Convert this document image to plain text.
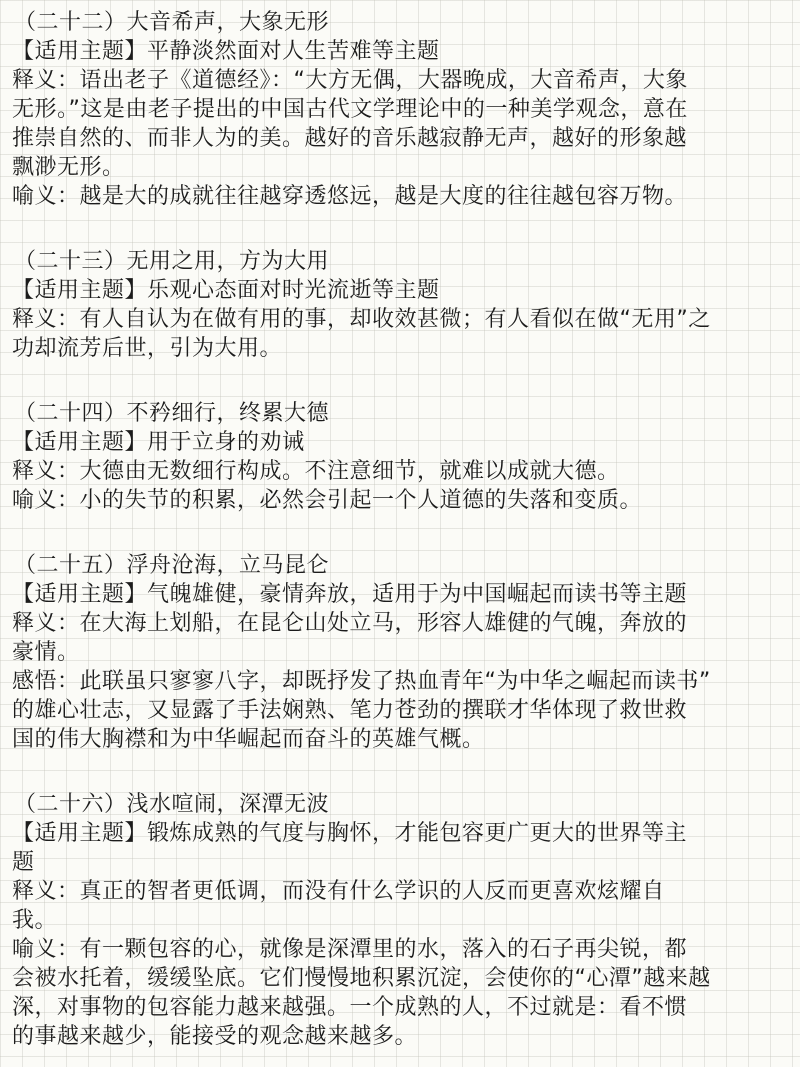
（二十二）大音希声，大象无形
【适用主题】平静淡然面对人生苦难等主题
释义：语出老子《道德经》：“大方无偶，大器晚成，大音希声，大象
无形。”这是由老子提出的中国古代文学理论中的一种美学观念，意在
推崇自然的、而非人为的美。越好的音乐越寂静无声，越好的形象越
飘渺无形。
喻义：越是大的成就往往越穿透悠远，越是大度的往往越包容万物。
（二十三）无用之用，方为大用
【适用主题】乐观心态面对时光流逝等主题
释义：有人自认为在做有用的事，却收效甚微；有人看似在做“无用”之
功却流芳后世，引为大用。
（二十四）不矜细行，终累大德
【适用主题】用于立身的劝诫
释义：大德由无数细行构成。不注意细节，就难以成就大德。
喻义：小的失节的积累，必然会引起一个人道德的失落和变质。
（二十五）浮舟沧海，立马昆仑
【适用主题】气魄雄健，豪情奔放，适用于为中国崛起而读书等主题
释义：在大海上划船，在昆仑山处立马，形容人雄健的气魄，奔放的
豪情。
感悟：此联虽只寥寥八字，却既抒发了热血青年“为中华之崛起而读书”
的雄心壮志，又显露了手法娴熟、笔力苍劲的撰联才华体现了救世救
国的伟大胸襟和为中华崛起而奋斗的英雄气概。
（二十六）浅水喧闹，深潭无波
【适用主题】锻炼成熟的气度与胸怀，才能包容更广更大的世界等主
题
释义：真正的智者更低调，而没有什么学识的人反而更喜欢炫耀自
我。
喻义：有一颗包容的心，就像是深潭里的水，落入的石子再尖锐，都
会被水托着，缓缓坠底。它们慢慢地积累沉淀，会使你的“心潭”越来越
深，对事物的包容能力越来越强。一个成熟的人，不过就是：看不惯
的事越来越少，能接受的观念越来越多。
